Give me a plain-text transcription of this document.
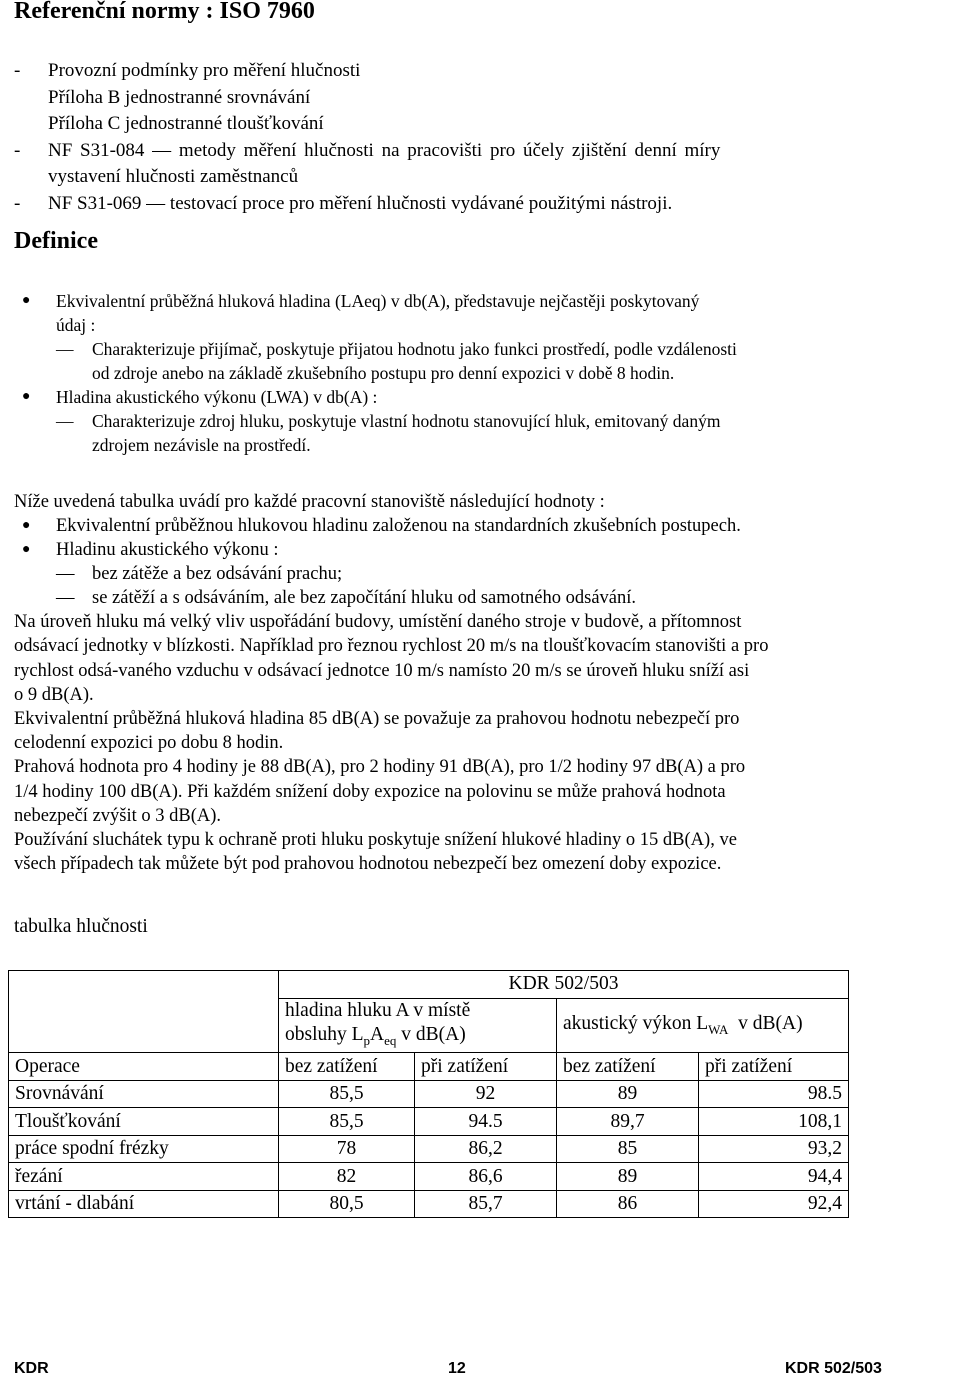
Referenční normy : ISO 7960
- Provozní podmínky pro měření hlučnosti
Příloha B jednostranné srovnávání
Příloha C jednostranné tloušťkování
- NF S31-084 — metody měření hlučnosti na pracovišti pro účely zjištění denní míry
vystavení hlučnosti zaměstnanců
- NF S31-069 — testovací proce pro měření hlučnosti vydávané použitými nástroji.
Definice
● Ekvivalentní průběžná hluková hladina (LAeq) v db(A), představuje nejčastěji poskytovaný
údaj :
— Charakterizuje přijímač, poskytuje přijatou hodnotu jako funkci prostředí, podle vzdálenosti
od zdroje anebo na základě zkušebního postupu pro denní expozici v době 8 hodin.
● Hladina akustického výkonu (LWA) v db(A) :
— Charakterizuje zdroj hluku, poskytuje vlastní hodnotu stanovující hluk, emitovaný daným
zdrojem nezávisle na prostředí.
Níže uvedená tabulka uvádí pro každé pracovní stanoviště následující hodnoty :
● Ekvivalentní průběžnou hlukovou hladinu založenou na standardních zkušebních postupech.
● Hladinu akustického výkonu :
— bez zátěže a bez odsávání prachu;
— se zátěží a s odsáváním, ale bez započítání hluku od samotného odsávání.
Na úroveň hluku má velký vliv uspořádání budovy, umístění daného stroje v budově, a přítomnost
odsávací jednotky v blízkosti. Například pro řeznou rychlost 20 m/s na tloušťkovacím stanovišti a pro
rychlost odsá-vaného vzduchu v odsávací jednotce 10 m/s namísto 20 m/s se úroveň hluku sníží asi
o 9 dB(A).
Ekvivalentní průběžná hluková hladina 85 dB(A) se považuje za prahovou hodnotu nebezpečí pro
celodenní expozici po dobu 8 hodin.
Prahová hodnota pro 4 hodiny je 88 dB(A), pro 2 hodiny 91 dB(A), pro 1/2 hodiny 97 dB(A) a pro
1/4 hodiny 100 dB(A). Při každém snížení doby expozice na polovinu se může prahová hodnota
nebezpečí zvýšit o 3 dB(A).
Používání sluchátek typu k ochraně proti hluku poskytuje snížení hlukové hladiny o 15 dB(A), ve
všech případech tak můžete být pod prahovou hodnotou nebezpečí bez omezení doby expozice.
tabulka hlučnosti
	KDR 502/503			
	hladina hluku A v místě
obsluhy $L_pA_{eq}$ v dB(A)		akustický výkon $L_{WA}$  v dB(A)	
Operace	bez zatížení	při zatížení	bez zatížení	při zatížení
Srovnávání	85,5	92	89	98.5
Tloušťkování	85,5	94.5	89,7	108,1
práce spodní frézky	78	86,2	85	93,2
řezání	82	86,6	89	94,4
vrtání - dlabání	80,5	85,7	86	92,4
KDR	12	KDR 502/503
